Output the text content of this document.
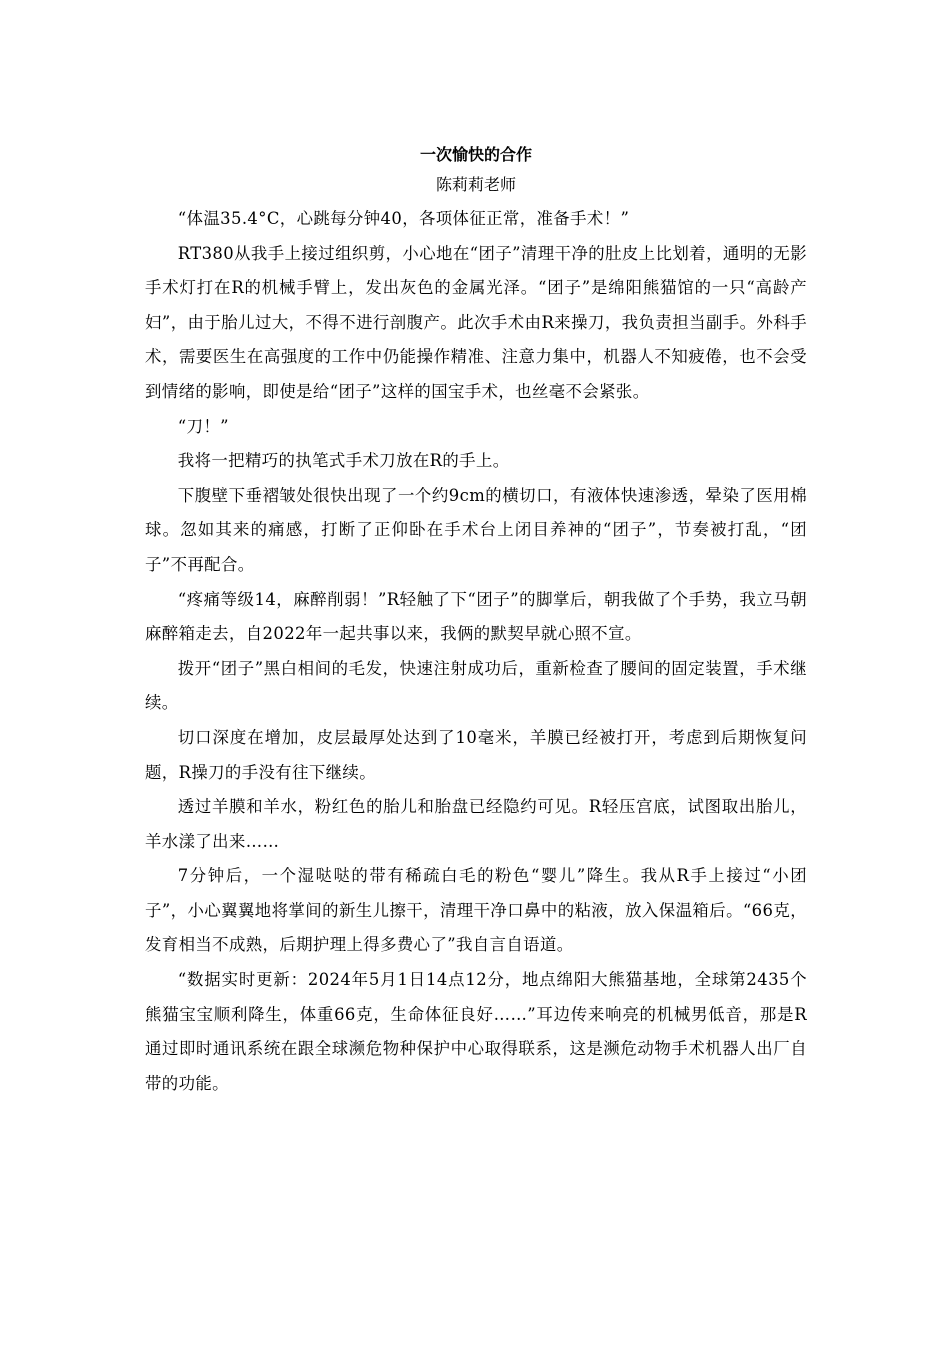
一次愉快的合作
陈莉莉老师

“体温35.4°C，心跳每分钟40，各项体征正常，准备手术！”

RT380从我手上接过组织剪，小心地在“团子”清理干净的肚皮上比划着，通明的无影手术灯打在R的机械手臂上，发出灰色的金属光泽。“团子”是绵阳熊猫馆的一只“高龄产妇”，由于胎儿过大，不得不进行剖腹产。此次手术由R来操刀，我负责担当副手。外科手术，需要医生在高强度的工作中仍能操作精准、注意力集中，机器人不知疲倦，也不会受到情绪的影响，即使是给“团子”这样的国宝手术，也丝毫不会紧张。

“刀！”

我将一把精巧的执笔式手术刀放在R的手上。

下腹壁下垂褶皱处很快出现了一个约9cm的横切口，有液体快速渗透，晕染了医用棉球。忽如其来的痛感，打断了正仰卧在手术台上闭目养神的“团子”，节奏被打乱，“团子”不再配合。

“疼痛等级14，麻醉削弱！”R轻触了下“团子”的脚掌后，朝我做了个手势，我立马朝麻醉箱走去，自2022年一起共事以来，我俩的默契早就心照不宣。

拨开“团子”黑白相间的毛发，快速注射成功后，重新检查了腰间的固定装置，手术继续。

切口深度在增加，皮层最厚处达到了10毫米，羊膜已经被打开，考虑到后期恢复问题，R操刀的手没有往下继续。

透过羊膜和羊水，粉红色的胎儿和胎盘已经隐约可见。R轻压宫底，试图取出胎儿，羊水漾了出来……

7分钟后，一个湿哒哒的带有稀疏白毛的粉色“婴儿”降生。我从R手上接过“小团子”，小心翼翼地将掌间的新生儿擦干，清理干净口鼻中的粘液，放入保温箱后。“66克，发育相当不成熟，后期护理上得多费心了”我自言自语道。

“数据实时更新：2024年5月1日14点12分，地点绵阳大熊猫基地，全球第2435个熊猫宝宝顺利降生，体重66克，生命体征良好……”耳边传来响亮的机械男低音，那是R通过即时通讯系统在跟全球濒危物种保护中心取得联系，这是濒危动物手术机器人出厂自带的功能。
